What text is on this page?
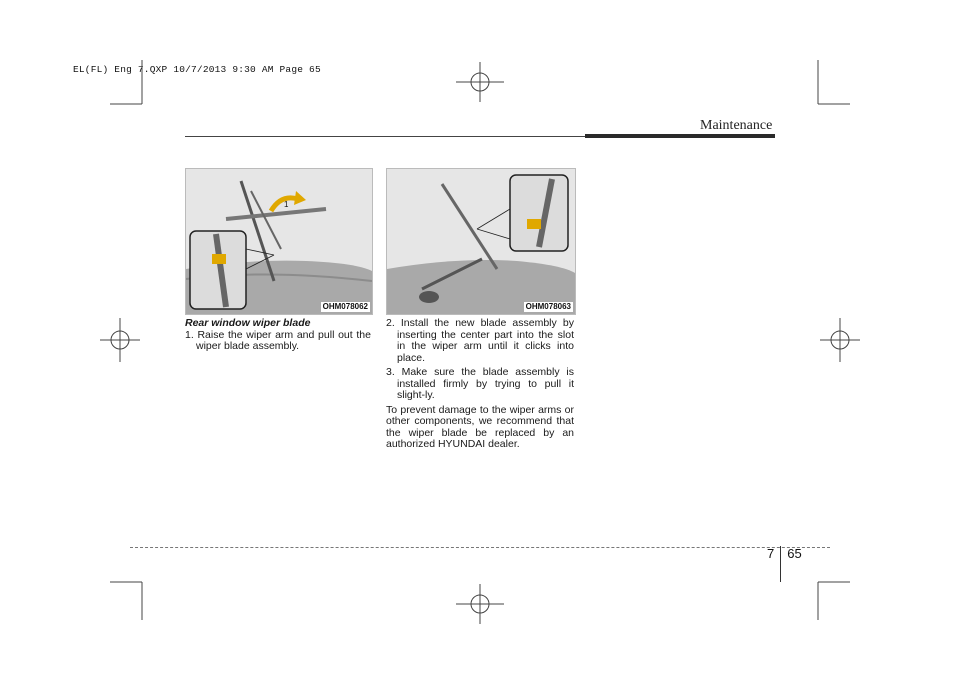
EL(FL) Eng 7.QXP 10/7/2013 9:30 AM Page 65
Maintenance
1
OHM078062	OHM078063
Rear window wiper blade

1. Raise the wiper arm and pull out the wiper blade assembly.

2. Install the new blade assembly by inserting the center part into the slot in the wiper arm until it clicks into place.

3. Make sure the blade assembly is installed firmly by trying to pull it slight-ly.

To prevent damage to the wiper arms or other components, we recommend that the wiper blade be replaced by an authorized HYUNDAI dealer.

7 65
